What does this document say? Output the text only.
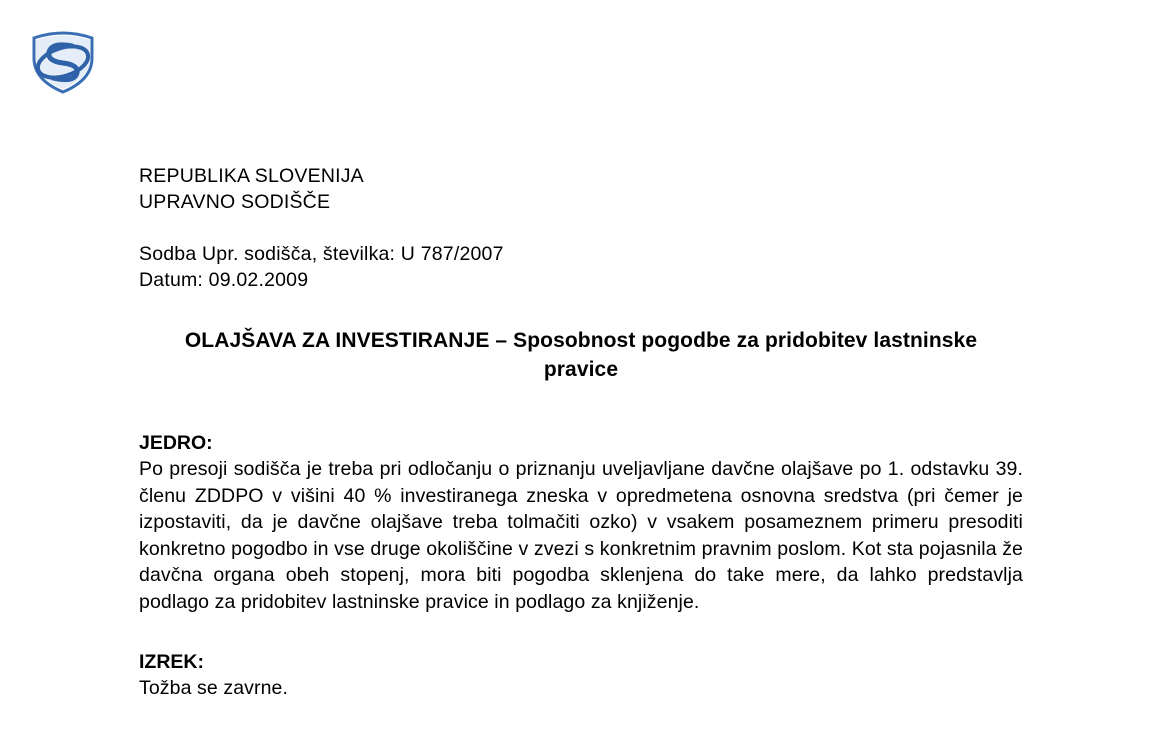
REPUBLIKA SLOVENIJA
UPRAVNO SODIŠČE
Sodba Upr. sodišča, številka: U 787/2007
Datum: 09.02.2009
OLAJŠAVA ZA INVESTIRANJE – Sposobnost pogodbe za pridobitev lastninske pravice
JEDRO:
Po presoji sodišča je treba pri odločanju o priznanju uveljavljane davčne olajšave po 1. odstavku 39. členu ZDDPO v višini 40 % investiranega zneska v opredmetena osnovna sredstva (pri čemer je izpostaviti, da je davčne olajšave treba tolmačiti ozko) v vsakem posameznem primeru presoditi konkretno pogodbo in vse druge okoliščine v zvezi s konkretnim pravnim poslom. Kot sta pojasnila že davčna organa obeh stopenj, mora biti pogodba sklenjena do take mere, da lahko predstavlja podlago za pridobitev lastninske pravice in podlago za knjiženje.
IZREK:
Tožba se zavrne.
